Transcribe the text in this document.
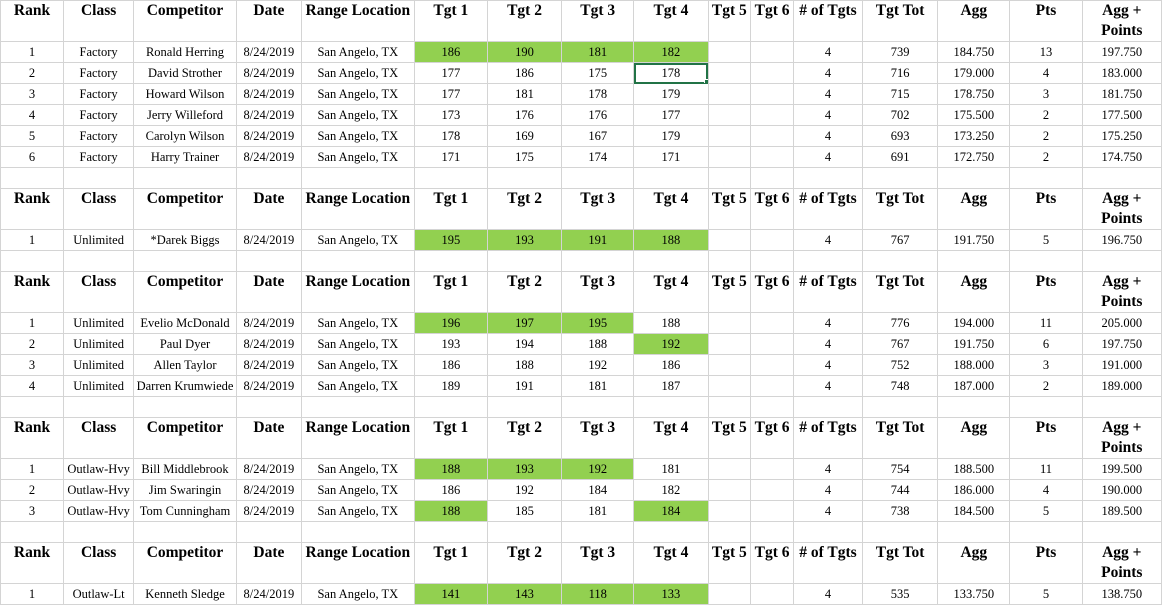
Rank	Class	Competitor	Date	Range Location	Tgt 1	Tgt 2	Tgt 3	Tgt 4	Tgt 5	Tgt 6	# of Tgts	Tgt Tot	Agg	Pts	Agg +
Points

1	Factory	Ronald Herring	8/24/2019	San Angelo, TX	186	190	181	182			4	739	184.750	13	197.750
2	Factory	David Strother	8/24/2019	San Angelo, TX	177	186	175	178			4	716	179.000	4	183.000
3	Factory	Howard Wilson	8/24/2019	San Angelo, TX	177	181	178	179			4	715	178.750	3	181.750
4	Factory	Jerry Willeford	8/24/2019	San Angelo, TX	173	176	176	177			4	702	175.500	2	177.500
5	Factory	Carolyn Wilson	8/24/2019	San Angelo, TX	178	169	167	179			4	693	173.250	2	175.250
6	Factory	Harry Trainer	8/24/2019	San Angelo, TX	171	175	174	171			4	691	172.750	2	174.750

Rank	Class	Competitor	Date	Range Location	Tgt 1	Tgt 2	Tgt 3	Tgt 4	Tgt 5	Tgt 6	# of Tgts	Tgt Tot	Agg	Pts	Agg +
Points

1	Unlimited	*Darek Biggs	8/24/2019	San Angelo, TX	195	193	191	188			4	767	191.750	5	196.750

Rank	Class	Competitor	Date	Range Location	Tgt 1	Tgt 2	Tgt 3	Tgt 4	Tgt 5	Tgt 6	# of Tgts	Tgt Tot	Agg	Pts	Agg +
Points

1	Unlimited	Evelio McDonald	8/24/2019	San Angelo, TX	196	197	195	188			4	776	194.000	11	205.000
2	Unlimited	Paul Dyer	8/24/2019	San Angelo, TX	193	194	188	192			4	767	191.750	6	197.750
3	Unlimited	Allen Taylor	8/24/2019	San Angelo, TX	186	188	192	186			4	752	188.000	3	191.000
4	Unlimited	Darren Krumwiede	8/24/2019	San Angelo, TX	189	191	181	187			4	748	187.000	2	189.000

Rank	Class	Competitor	Date	Range Location	Tgt 1	Tgt 2	Tgt 3	Tgt 4	Tgt 5	Tgt 6	# of Tgts	Tgt Tot	Agg	Pts	Agg +
Points

1	Outlaw-Hvy	Bill Middlebrook	8/24/2019	San Angelo, TX	188	193	192	181			4	754	188.500	11	199.500
2	Outlaw-Hvy	Jim Swaringin	8/24/2019	San Angelo, TX	186	192	184	182			4	744	186.000	4	190.000
3	Outlaw-Hvy	Tom Cunningham	8/24/2019	San Angelo, TX	188	185	181	184			4	738	184.500	5	189.500

Rank	Class	Competitor	Date	Range Location	Tgt 1	Tgt 2	Tgt 3	Tgt 4	Tgt 5	Tgt 6	# of Tgts	Tgt Tot	Agg	Pts	Agg +
Points

1	Outlaw-Lt	Kenneth Sledge	8/24/2019	San Angelo, TX	141	143	118	133			4	535	133.750	5	138.750
